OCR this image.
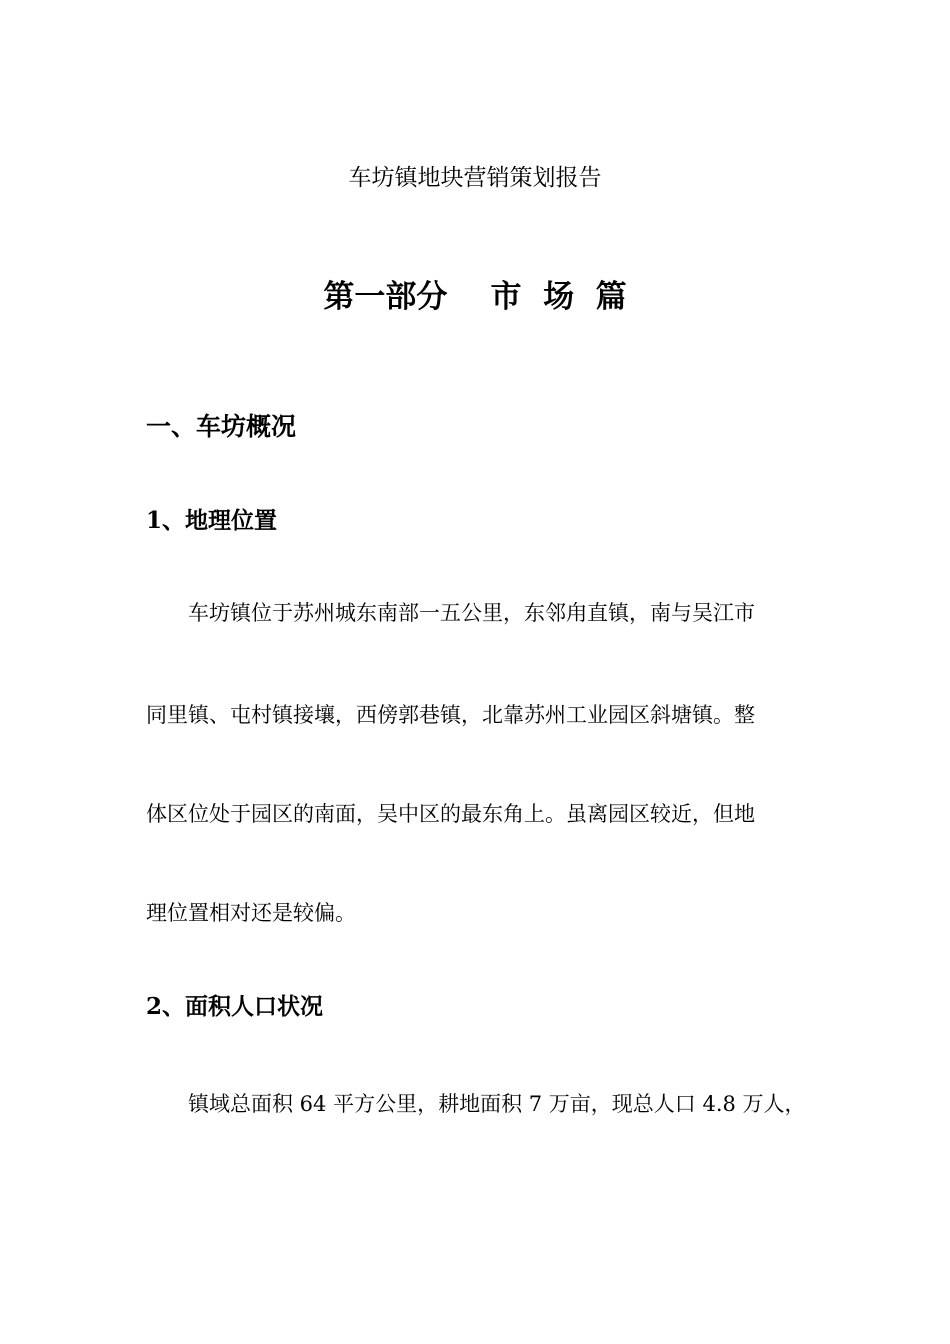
车坊镇地块营销策划报告
第一部分    市  场  篇
一、车坊概况
1、地理位置

车坊镇位于苏州城东南部一五公里，东邻甪直镇，南与吴江市

同里镇、屯村镇接壤，西傍郭巷镇，北靠苏州工业园区斜塘镇。整

体区位处于园区的南面，吴中区的最东角上。虽离园区较近，但地

理位置相对还是较偏。

2、面积人口状况

镇域总面积 64 平方公里，耕地面积 7 万亩，现总人口 4.8 万人，
